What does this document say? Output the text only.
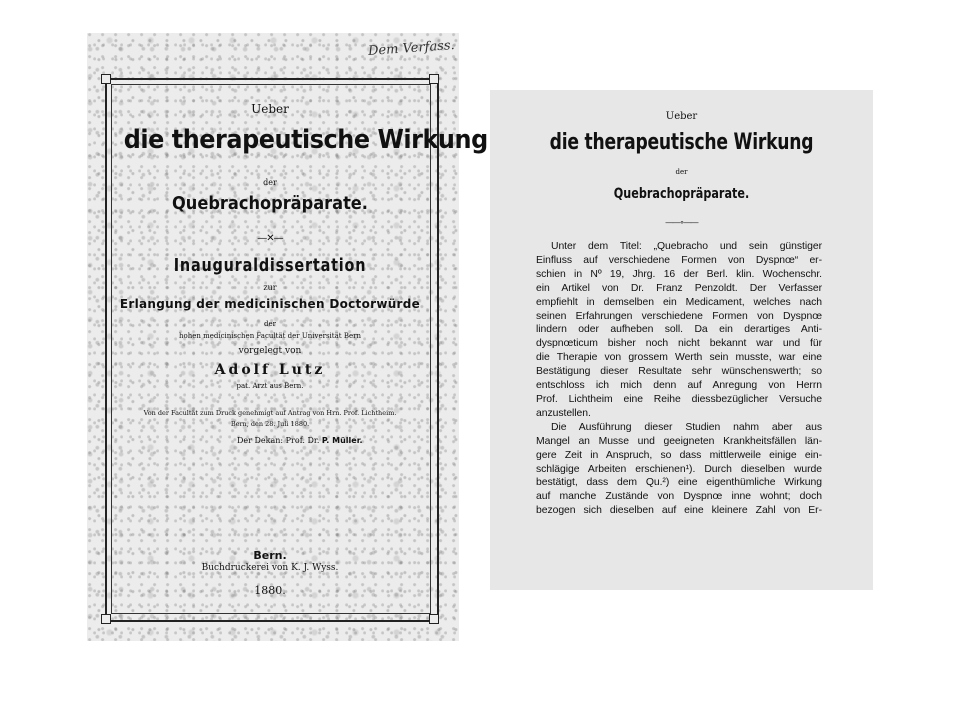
Dem Verfass.
Ueber
die therapeutische Wirkung
der
Quebrachopräparate.
—✕—
Inauguraldissertation
zur
Erlangung der medicinischen Doctorwürde
der
hohen medicinischen Facultät der Universität Bern
vorgelegt von
Adolf Lutz
pat. Arzt aus Bern.
Von der Facultät zum Druck genehmigt auf Antrag von Hrn. Prof. Lichtheim.
Bern, den 28. Juli 1880.
Der Dekan: Prof. Dr. P. Müller.
Bern.
Buchdruckerei von K. J. Wyss.
1880.
Ueber
die therapeutische Wirkung
der
Quebrachopräparate.
——∘——
Unter dem Titel: „Quebracho und sein günstiger
Einfluss auf verschiedene Formen von Dyspnœ“ er-
schien in Nº 19, Jhrg. 16 der Berl. klin. Wochenschr.
ein Artikel von Dr. Franz Penzoldt. Der Verfasser
empfiehlt in demselben ein Medicament, welches nach
seinen Erfahrungen verschiedene Formen von Dyspnœ
lindern oder aufheben soll. Da ein derartiges Anti-
dyspnœticum bisher noch nicht bekannt war und für
die Therapie von grossem Werth sein musste, war eine
Bestätigung dieser Resultate sehr wünschenswerth; so
entschloss ich mich denn auf Anregung von Herrn
Prof. Lichtheim eine Reihe diessbezüglicher Versuche
anzustellen.
Die Ausführung dieser Studien nahm aber aus
Mangel an Musse und geeigneten Krankheitsfällen län-
gere Zeit in Anspruch, so dass mittlerweile einige ein-
schlägige Arbeiten erschienen¹). Durch dieselben wurde
bestätigt, dass dem Qu.²) eine eigenthümliche Wirkung
auf manche Zustände von Dyspnœ inne wohnt; doch
bezogen sich dieselben auf eine kleinere Zahl von Er-
